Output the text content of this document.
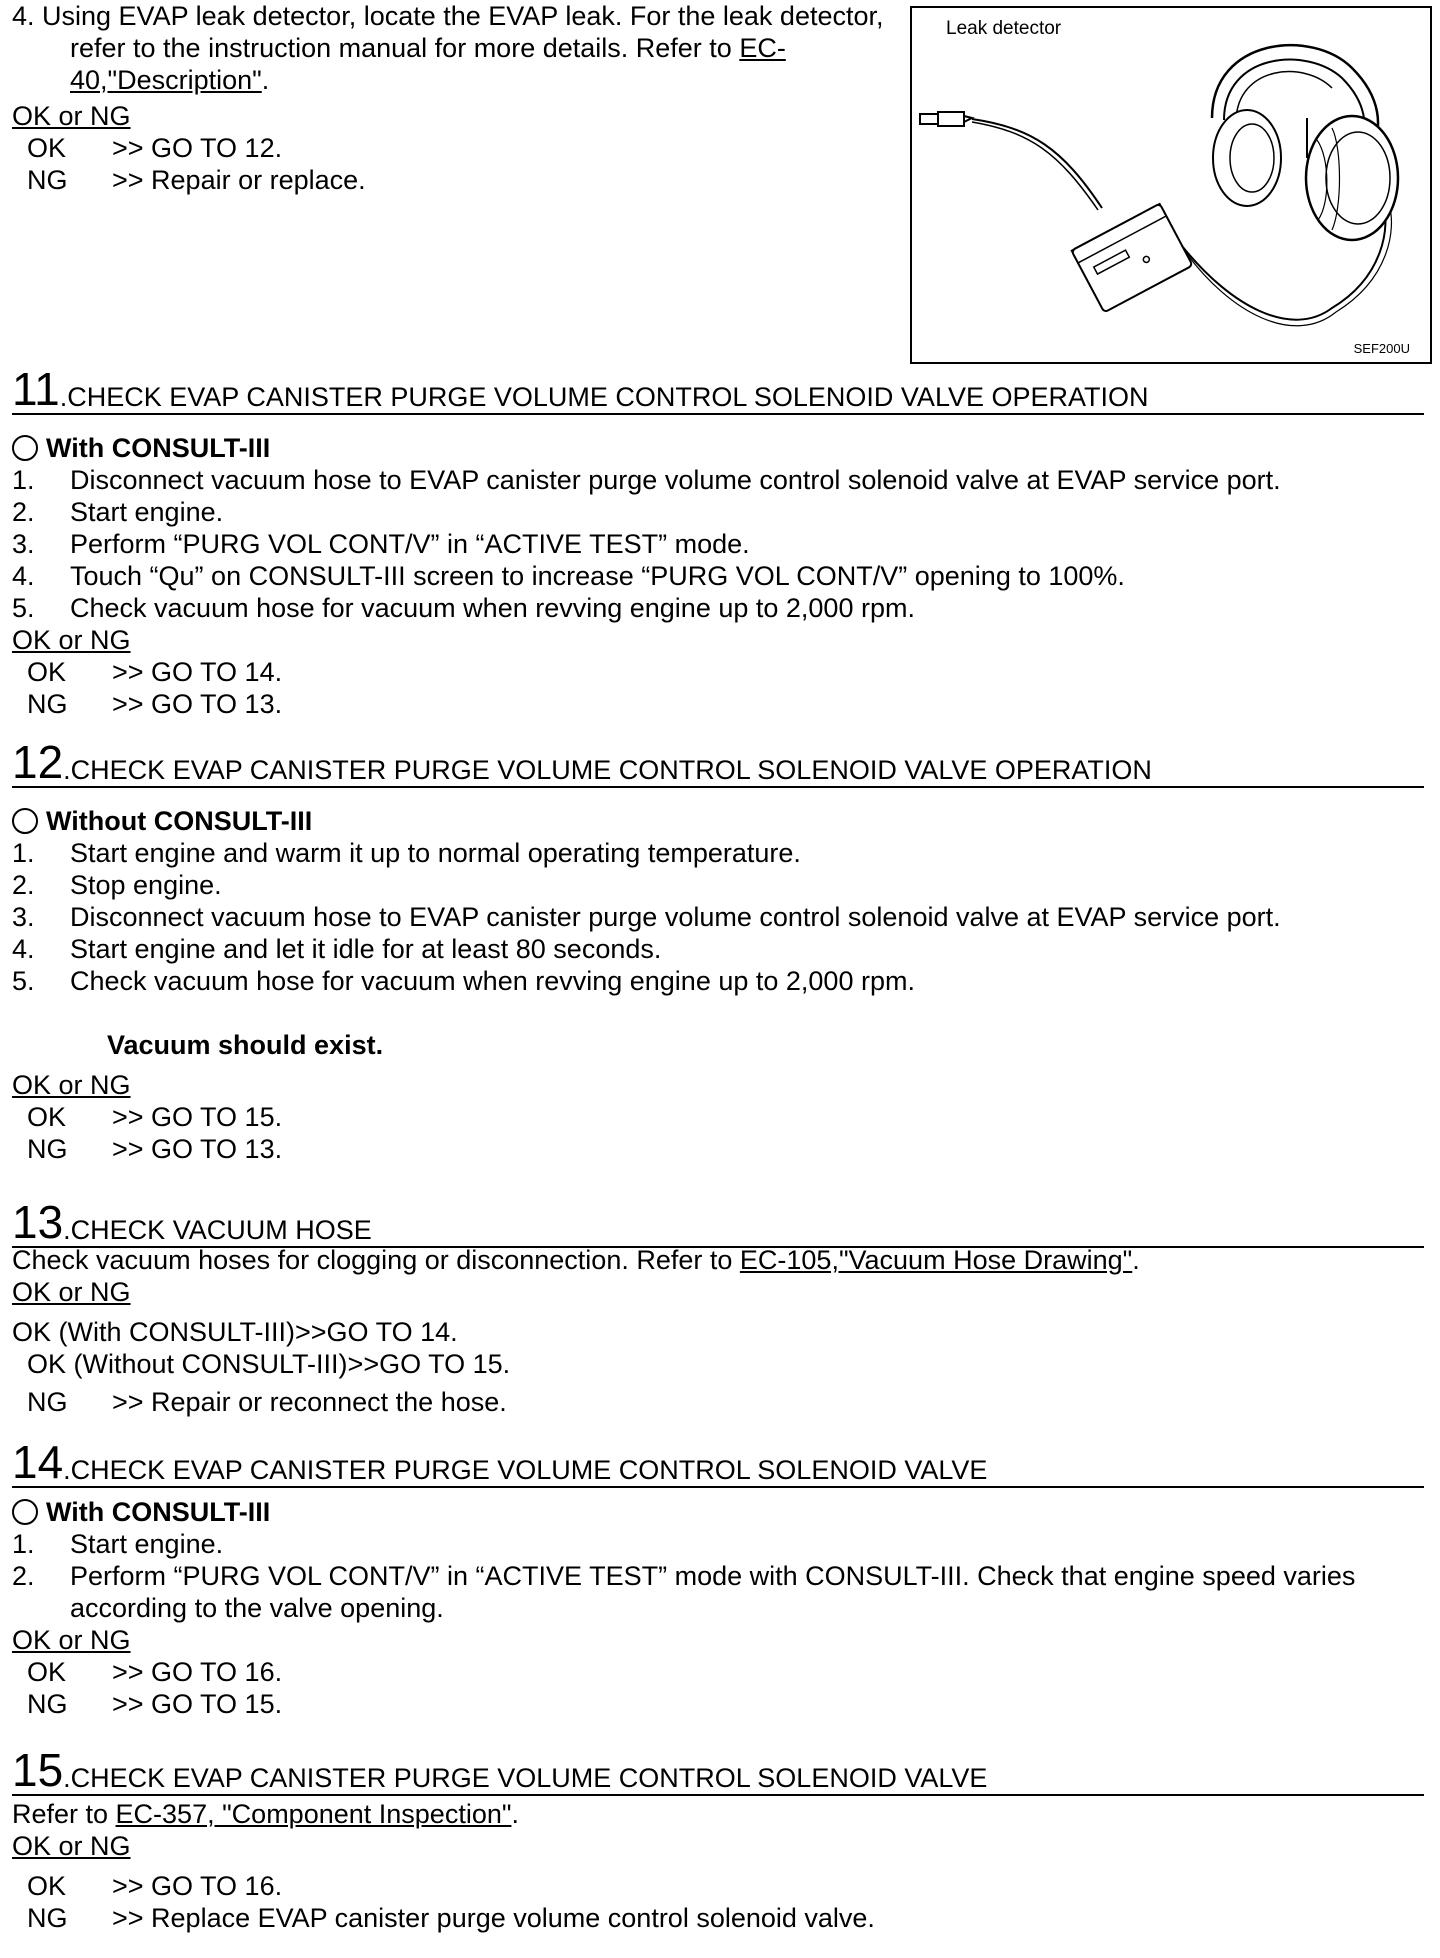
4. Using EVAP leak detector, locate the EVAP leak. For the leak detector, refer to the instruction manual for more details. Refer to EC-40,"Description".
OK or NG
OK	>> GO TO 12.
NG	>> Repair or replace.
Leak detector
SEF200U
11.CHECK EVAP CANISTER PURGE VOLUME CONTROL SOLENOID VALVE OPERATION
With CONSULT-III
1.	Disconnect vacuum hose to EVAP canister purge volume control solenoid valve at EVAP service port.
2.	Start engine.
3.	Perform “PURG VOL CONT/V” in “ACTIVE TEST” mode.
4.	Touch “Qu” on CONSULT-III screen to increase “PURG VOL CONT/V” opening to 100%.
5.	Check vacuum hose for vacuum when revving engine up to 2,000 rpm.
OK or NG
OK	>> GO TO 14.
NG	>> GO TO 13.
12.CHECK EVAP CANISTER PURGE VOLUME CONTROL SOLENOID VALVE OPERATION
Without CONSULT-III
1.	Start engine and warm it up to normal operating temperature.
2.	Stop engine.
3.	Disconnect vacuum hose to EVAP canister purge volume control solenoid valve at EVAP service port.
4.	Start engine and let it idle for at least 80 seconds.
5.	Check vacuum hose for vacuum when revving engine up to 2,000 rpm.
Vacuum should exist.
OK or NG
OK	>> GO TO 15.
NG	>> GO TO 13.
13.CHECK VACUUM HOSE
Check vacuum hoses for clogging or disconnection. Refer to EC-105,"Vacuum Hose Drawing".
OK or NG
OK (With CONSULT-III)>>GO TO 14.
OK (Without CONSULT-III)>>GO TO 15.
NG	>> Repair or reconnect the hose.
14.CHECK EVAP CANISTER PURGE VOLUME CONTROL SOLENOID VALVE
With CONSULT-III
1.	Start engine.
2.	Perform “PURG VOL CONT/V” in “ACTIVE TEST” mode with CONSULT-III. Check that engine speed varies according to the valve opening.
OK or NG
OK	>> GO TO 16.
NG	>> GO TO 15.
15.CHECK EVAP CANISTER PURGE VOLUME CONTROL SOLENOID VALVE
Refer to EC-357, "Component Inspection".
OK or NG
OK	>> GO TO 16.
NG	>> Replace EVAP canister purge volume control solenoid valve.
